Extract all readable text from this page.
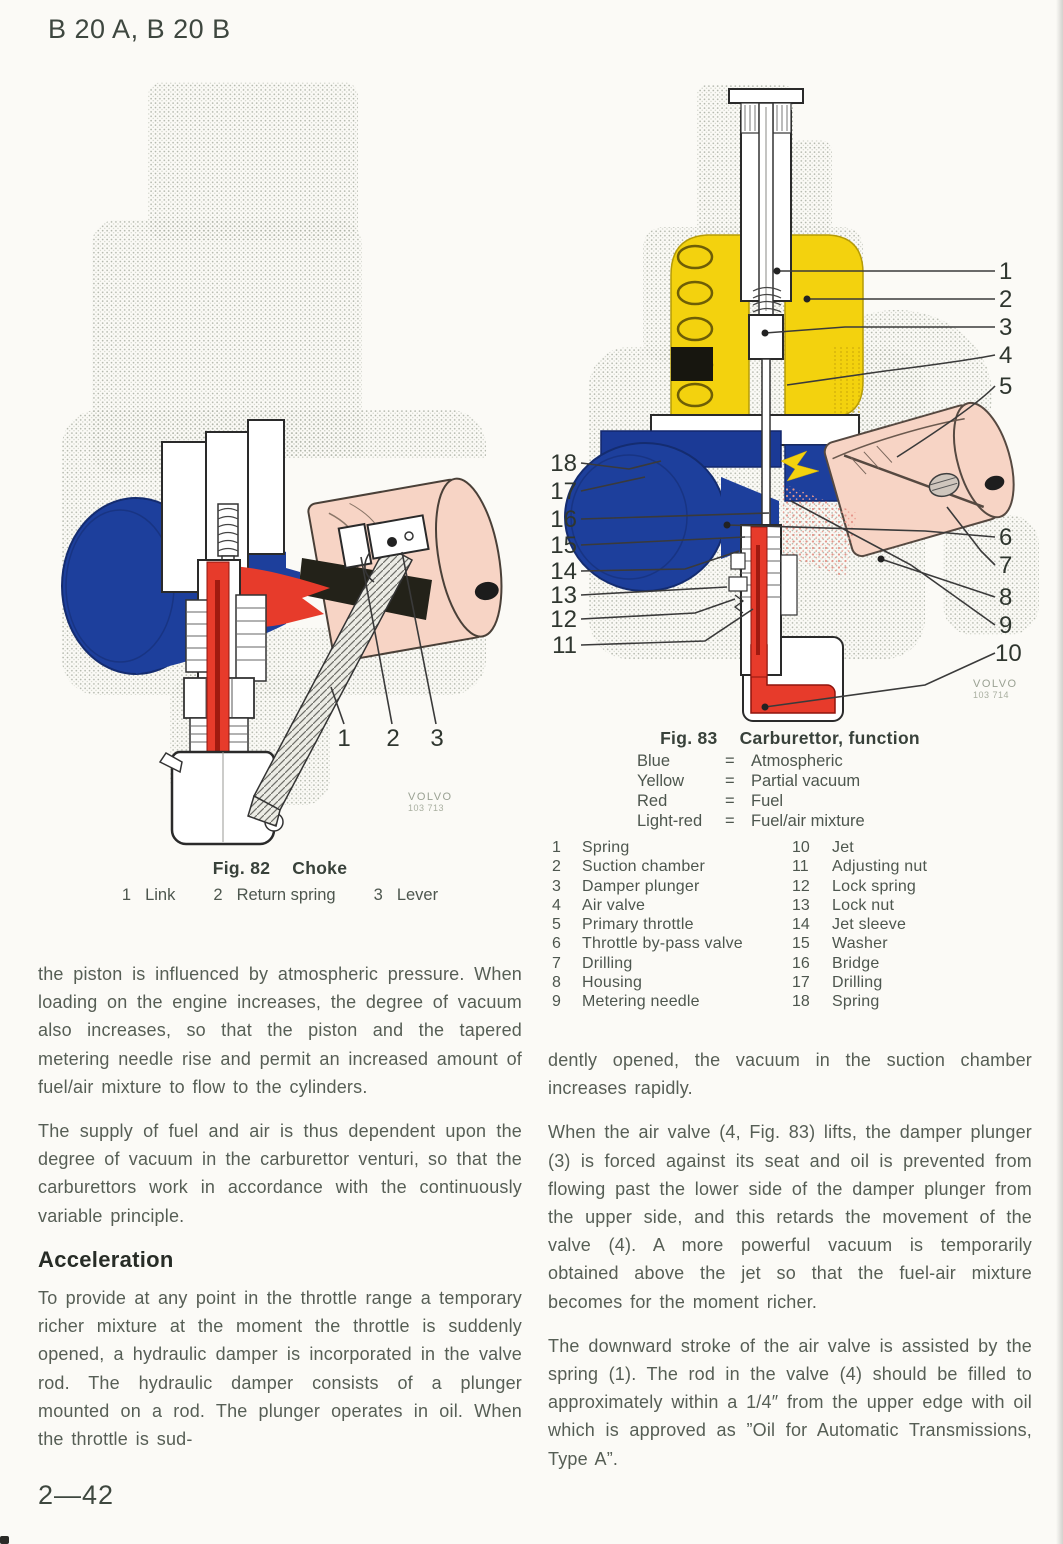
B 20 A, B 20 B
1 2 3
VOLVO
103 713
1
2
3
4
5
6
7
8
9
10
18
17
16
15
14
13
12
11
VOLVO
103 714
Fig. 82 Choke
1 Link 2 Return spring 3 Lever
Fig. 83 Carburettor, function
Blue	= Atmospheric
Yellow	= Partial vacuum
Red	= Fuel
Light-red	= Fuel/air mixture
1	Spring
2	Suction chamber
3	Damper plunger
4	Air valve
5	Primary throttle
6	Throttle by-pass valve
7	Drilling
8	Housing
9	Metering needle
10	Jet
11	Adjusting nut
12	Lock spring
13	Lock nut
14	Jet sleeve
15	Washer
16	Bridge
17	Drilling
18	Spring

the piston is influenced by atmospheric pressure. When loading on the engine increases, the degree of vacuum also increases, so that the piston and the tapered metering needle rise and permit an increased amount of fuel/air mixture to flow to the cylinders.

The supply of fuel and air is thus dependent upon the degree of vacuum in the carburettor venturi, so that the carburettors work in accordance with the continuously variable principle.

Acceleration

To provide at any point in the throttle range a temporary richer mixture at the moment the throttle is suddenly opened, a hydraulic damper is incorporated in the valve rod. The hydraulic damper consists of a plunger mounted on a rod. The plunger operates in oil. When the throttle is sud-

dently opened, the vacuum in the suction chamber increases rapidly.

When the air valve (4, Fig. 83) lifts, the damper plunger (3) is forced against its seat and oil is prevented from flowing past the lower side of the damper plunger from the upper side, and this retards the movement of the valve (4). A more powerful vacuum is temporarily obtained above the jet so that the fuel-air mixture becomes for the moment richer.

The downward stroke of the air valve is assisted by the spring (1). The rod in the valve (4) should be filled to approximately within a 1/4″ from the upper edge with oil which is approved as ”Oil for Automatic Transmissions, Type A”.

2—42
